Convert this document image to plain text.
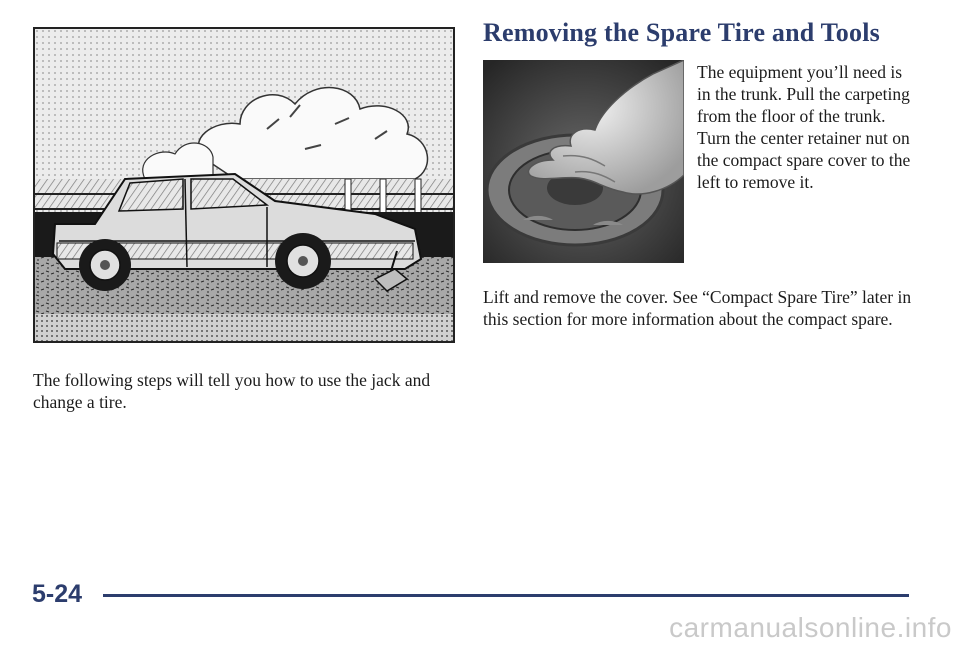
The following steps will tell you how to use the jack and change a tire.

Removing the Spare Tire and Tools

The equipment you’ll need is in the trunk. Pull the carpeting from the floor of the trunk. Turn the center retainer nut on the compact spare cover to the left to remove it.

Lift and remove the cover. See “Compact Spare Tire” later in this section for more information about the compact spare.

5-24

carmanualsonline.info
